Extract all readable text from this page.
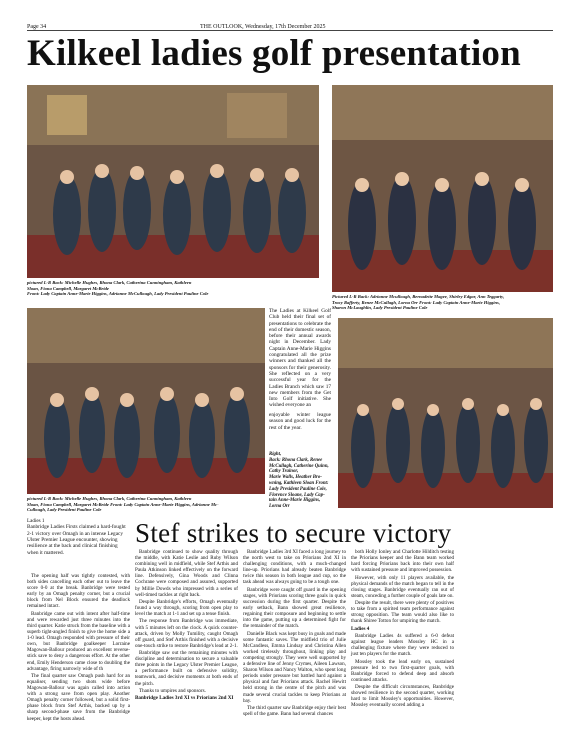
Page 34	THE OUTLOOK, Wednesday, 17th December 2025
Kilkeel ladies golf presentation
pictured L-R Back: Michelle Hughes, Rhona Clark, Catherina Cunningham, Kathleen
Sloan, Fiona Campbell, Margaret McBride
Front: Lady Captain Anne-Marie Higgins, Adrianne McCullough, Lady President Pauline Cole
Pictured L-R Back: Adrianne Mcullough, Bernadette Magee, Shirley Edgar, Ann Teggarty,
Tracy Rafferty, Renee McCullagh, Lorna Orr Front: Lady Captain Anne-Marie Higgins,
Sharon McLaughlin, Lady President Pauline Cole
pictured L-R Back: Michelle Hughes, Rhona Clark, Catherina Cunningham, Kathleen
Sloan, Fiona Campbell, Margaret McBride Front: Lady Captain Anne-Marie Higgins, Adrianne Mc-
Cullough, Lady President Pauline Cole

The Ladies at Kilkeel Golf Club held their final set of presentations to celebrate the end of their domestic season, before their annual awards night in December. Lady Captain Anne-Marie Higgins congratulated all the prize winners and thanked all the sponsors for their generosity. She reflected on a very successful year for the Ladies Branch which saw 17 new members from the Get Into Golf initiative. She wished everyone an

enjoyable winter league season and good luck for the rest of the year.

Right,
Back: Rhona Clark, Renee
McCullagh, Catherine Quinn,
Cathy Trainor,
Marie Walls, Heather Bro-
wning, Kathleen Sloan Front:
Lady President Pauline Cole,
Florence Sloane, Lady Cap-
tain Anne-Marie Higgins,
Lorna Orr
Ladies 1
Banbridge Ladies Firsts claimed a hard-fought 2-1 victory over Omagh in an intense Legacy Ulster Premier League encounter, showing resilience at the back and clinical finishing when it mattered.
Stef strikes to secure victory

The opening half was tightly contested, with both sides cancelling each other out to leave the score 0-0 at the break. Banbridge were tested early by an Omagh penalty corner, but a crucial block from Nel Block ensured the deadlock remained intact.

Banbridge came out with intent after half-time and were rewarded just three minutes into the third quarter. Katie struck from the baseline with a superb tight-angled finish to give the home side a 1-0 lead. Omagh responded with pressure of their own, but Banbridge goalkeeper Lorraine Magowan-Ballour produced an excellent reverse-stick save to deny a dangerous effort. At the other end, Emily Henderson came close to doubling the advantage, firing narrowly wide of th

The final quarter saw Omagh push hard for an equaliser, sending two shots wide before Magowan-Ballour was again called into action with a strong save from open play. Another Omagh penalty corner followed, but a solid first-phase block from Stef Arthis, backed up by a sharp second-phase save from the Banbridge keeper, kept the hosts ahead.

Banbridge continued to show quality through the middle, with Katie Leslie and Ruby Wilson combining well in midfield, while Stef Arthis and Paula Atkinson linked effectively on the forward line. Defensively, Gina Woods and Clinna Cochrane were composed and assured, supported by Millie Dowds who impressed with a series of well-timed tackles at right back.

Despite Banbridge's efforts, Omagh eventually found a way through, scoring from open play to level the match at 1-1 and set up a tense finish.

The response from Banbridge was immediate, with 5 minutes left on the clock. A quick counter-attack, driven by Molly Tumility, caught Omagh off guard, and Stef Arthis finished with a decisive one-touch strike to restore Banbridge's lead at 2-1.

Banbridge saw out the remaining minutes with discipline and determination to secure a valuable three points in the Legacy Ulster Premier League, a performance built on defensive solidity, teamwork, and decisive moments at both ends of the pitch.

Thanks to umpires and sponsors.

Banbridge Ladies 3rd XI vs Priorians 2nd XI

Banbridge Ladies 3rd XI faced a long journey to the north west to take on Priorians 2nd XI in challenging conditions, with a much-changed line-up. Priorians had already beaten Banbridge twice this season in both league and cup, so the task ahead was always going to be a tough one.

Banbridge were caught off guard in the opening stages, with Priorians scoring three goals in quick succession during the first quarter. Despite the early setback, Bann showed great resilience, regaining their composure and beginning to settle into the game, putting up a determined fight for the remainder of the match.

Danielle Black was kept busy in goals and made some fantastic saves. The midfield trio of Julie McCandless, Emma Lindsay and Christina Allen worked tirelessly throughout, linking play and competing strongly. They were well supported by a defensive line of Jenny Crymes, Aileen Lawson, Sharon Wilson and Nancy Walton, who spent long periods under pressure but battled hard against a physical and fast Priorians attack. Rachel Hewitt held strong in the centre of the pitch and was made several crucial tackles to keep Priorians at bay.

The third quarter saw Banbridge enjoy their best spell of the game. Bann had several chances

both Holly Ionley and Charlotte Hilditch testing the Priorians keeper and the Bann team worked hard forcing Priorians back into their own half with sustained pressure and improved possession.

However, with only 11 players available, the physical demands of the match began to tell in the closing stages. Banbridge eventually ran out of steam, conceding a further couple of goals late on.

Despite the result, there were plenty of positives to take from a spirited team performance against strong opposition. The team would also like to thank Shiree Totton for umpiring the match.

Ladies 4

Banbridge Ladies 4s suffered a 6-0 defeat against league leaders Mossley HC in a challenging fixture where they were reduced to just ten players for the match.

Mossley took the lead early on, sustained pressure led to two first-quarter goals, with Banbridge forced to defend deep and absorb continued attacks.

Despite the difficult circumstances, Banbridge showed resilience in the second quarter, working hard to limit Mossley's opportunities. However, Mossley eventually scored adding a
